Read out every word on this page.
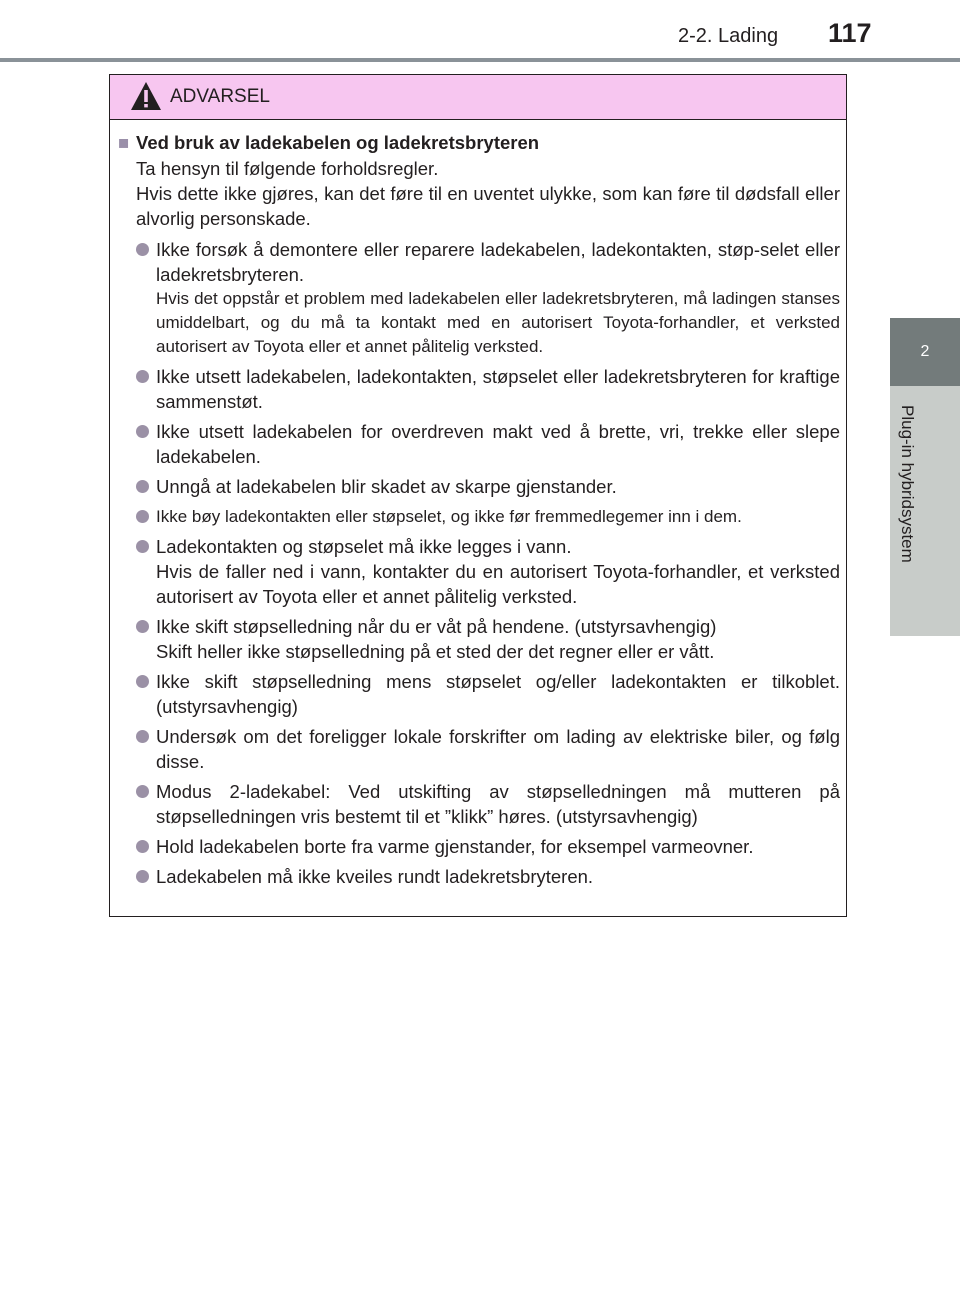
2-2. Lading 117
2
Plug-in hybridsystem
ADVARSEL
■ Ved bruk av ladekabelen og ladekretsbryteren
Ta hensyn til følgende forholdsregler.
Hvis dette ikke gjøres, kan det føre til en uventet ulykke, som kan føre til dødsfall eller alvorlig personskade.
Ikke forsøk å demontere eller reparere ladekabelen, ladekontakten, støp-selet eller ladekretsbryteren.
Hvis det oppstår et problem med ladekabelen eller ladekretsbryteren, må ladingen stanses umiddelbart, og du må ta kontakt med en autorisert Toyota-forhandler, et verksted autorisert av Toyota eller et annet pålitelig verksted.
Ikke utsett ladekabelen, ladekontakten, støpselet eller ladekretsbryteren for kraftige sammenstøt.
Ikke utsett ladekabelen for overdreven makt ved å brette, vri, trekke eller slepe ladekabelen.
Unngå at ladekabelen blir skadet av skarpe gjenstander.
Ikke bøy ladekontakten eller støpselet, og ikke før fremmedlegemer inn i dem.
Ladekontakten og støpselet må ikke legges i vann.
Hvis de faller ned i vann, kontakter du en autorisert Toyota-forhandler, et verksted autorisert av Toyota eller et annet pålitelig verksted.
Ikke skift støpselledning når du er våt på hendene. (utstyrsavhengig)
Skift heller ikke støpselledning på et sted der det regner eller er vått.
Ikke skift støpselledning mens støpselet og/eller ladekontakten er tilkoblet. (utstyrsavhengig)
Undersøk om det foreligger lokale forskrifter om lading av elektriske biler, og følg disse.
Modus 2-ladekabel: Ved utskifting av støpselledningen må mutteren på støpselledningen vris bestemt til et ”klikk” høres. (utstyrsavhengig)
Hold ladekabelen borte fra varme gjenstander, for eksempel varmeovner.
Ladekabelen må ikke kveiles rundt ladekretsbryteren.
